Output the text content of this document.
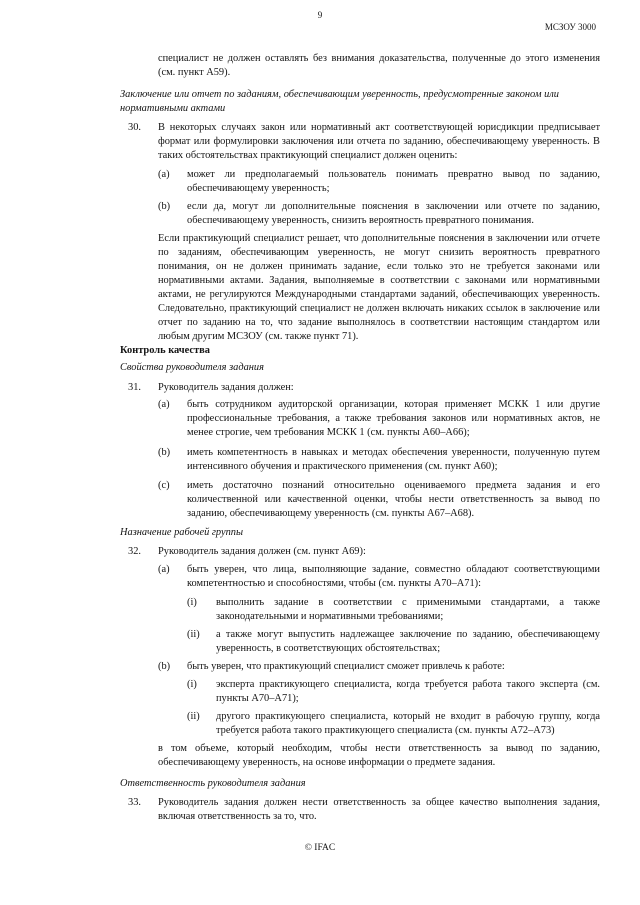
9
МСЗОУ 3000

специалист не должен оставлять без внимания доказательства, полученные до этого изменения (см. пункт А59).

Заключение или отчет по заданиям, обеспечивающим уверенность, предусмотренные законом или нормативными актами

30. В некоторых случаях закон или нормативный акт соответствующей юрисдикции предписывает формат или формулировки заключения или отчета по заданию, обеспечивающему уверенность. В таких обстоятельствах практикующий специалист должен оценить:

(a) может ли предполагаемый пользователь понимать превратно вывод по заданию, обеспечивающему уверенность;

(b) если да, могут ли дополнительные пояснения в заключении или отчете по заданию, обеспечивающему уверенность, снизить вероятность превратного понимания.

Если практикующий специалист решает, что дополнительные пояснения в заключении или отчете по заданиям, обеспечивающим уверенность, не могут снизить вероятность превратного понимания, он не должен принимать задание, если только это не требуется законами или нормативными актами. Задания, выполняемые в соответствии с законами или нормативными актами, не регулируются Международными стандартами заданий, обеспечивающих уверенность. Следовательно, практикующий специалист не должен включать никаких ссылок в заключение или отчет по заданию на то, что задание выполнялось в соответствии настоящим стандартом или любым другим МСЗОУ (см. также пункт 71).

Контроль качества

Свойства руководителя задания

31. Руководитель задания должен:

(a) быть сотрудником аудиторской организации, которая применяет МСКК 1 или другие профессиональные требования, а также требования законов или нормативных актов, не менее строгие, чем требования МСКК 1 (см. пункты А60–А66);

(b) иметь компетентность в навыках и методах обеспечения уверенности, полученную путем интенсивного обучения и практического применения (см. пункт А60);

(c) иметь достаточно познаний относительно оцениваемого предмета задания и его количественной или качественной оценки, чтобы нести ответственность за вывод по заданию, обеспечивающему уверенность (см. пункты А67–А68).

Назначение рабочей группы

32. Руководитель задания должен (см. пункт А69):

(a) быть уверен, что лица, выполняющие задание, совместно обладают соответствующими компетентностью и способностями, чтобы (см. пункты А70–А71):

(i) выполнить задание в соответствии с применимыми стандартами, а также законодательными и нормативными требованиями;

(ii) а также могут выпустить надлежащее заключение по заданию, обеспечивающему уверенность, в соответствующих обстоятельствах;

(b) быть уверен, что практикующий специалист сможет привлечь к работе:

(i) эксперта практикующего специалиста, когда требуется работа такого эксперта (см. пункты А70–А71);

(ii) другого практикующего специалиста, который не входит в рабочую группу, когда требуется работа такого практикующего специалиста (см. пункты А72–А73)

в том объеме, который необходим, чтобы нести ответственность за вывод по заданию, обеспечивающему уверенность, на основе информации о предмете задания.

Ответственность руководителя задания

33. Руководитель задания должен нести ответственность за общее качество выполнения задания, включая ответственность за то, что.

© IFAC
